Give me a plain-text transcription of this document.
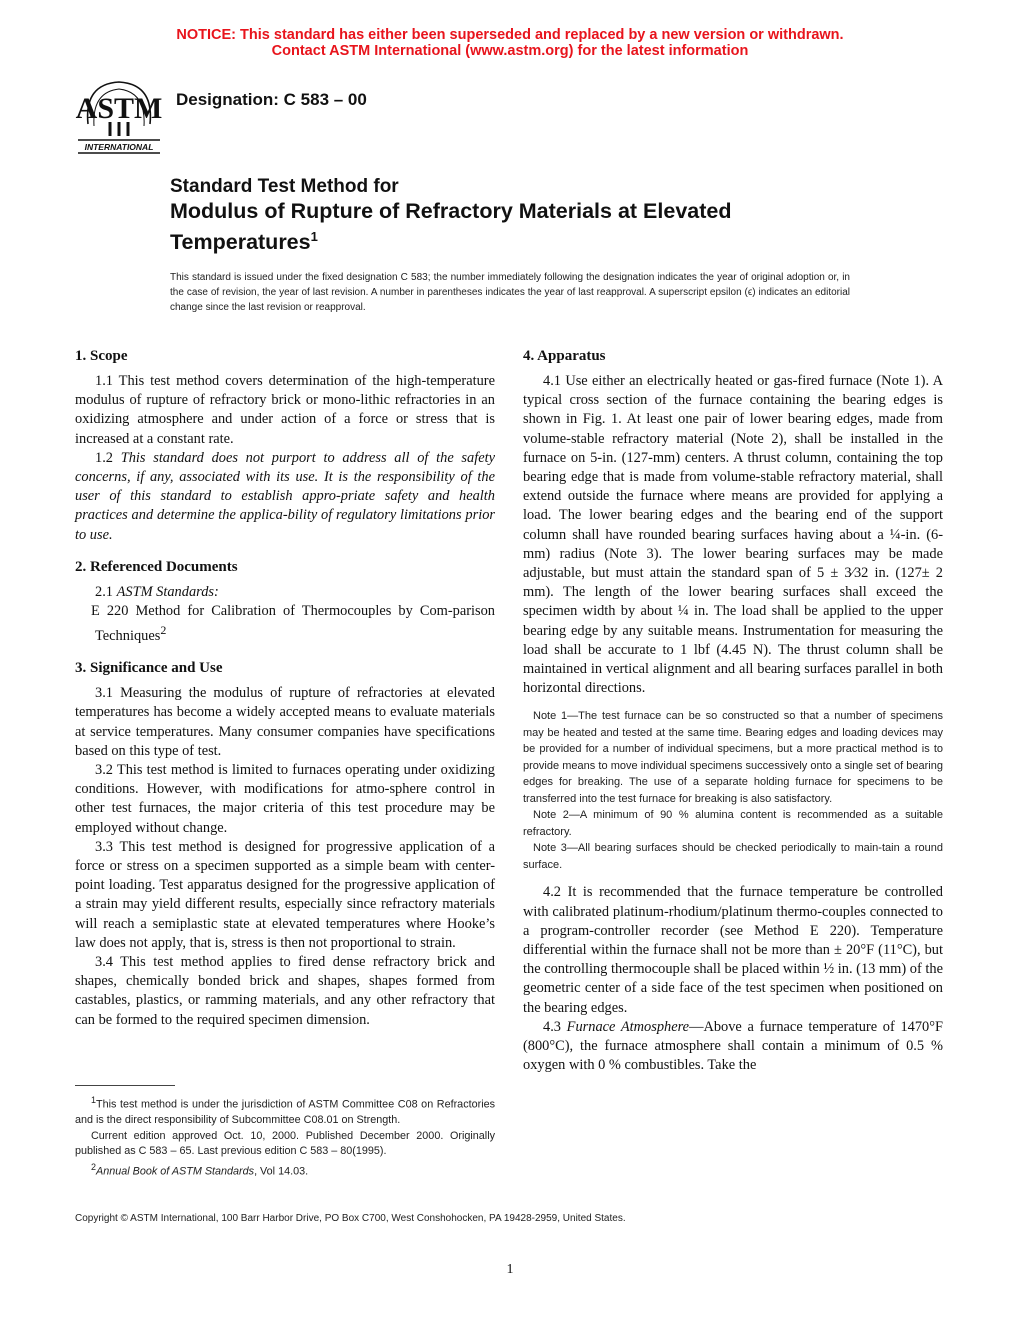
NOTICE: This standard has either been superseded and replaced by a new version or withdrawn.
Contact ASTM International (www.astm.org) for the latest information
ASTM
INTERNATIONAL
Designation: C 583 – 00
Standard Test Method for
Modulus of Rupture of Refractory Materials at Elevated
Temperatures$^1$
This standard is issued under the fixed designation C 583; the number immediately following the designation indicates the year of original adoption or, in the case of revision, the year of last revision. A number in parentheses indicates the year of last reapproval. A superscript epsilon (ϵ) indicates an editorial change since the last revision or reapproval.
1. Scope

1.1 This test method covers determination of the high-temperature modulus of rupture of refractory brick or mono-lithic refractories in an oxidizing atmosphere and under action of a force or stress that is increased at a constant rate.

1.2 This standard does not purport to address all of the safety concerns, if any, associated with its use. It is the responsibility of the user of this standard to establish appro-priate safety and health practices and determine the applica-bility of regulatory limitations prior to use.

2. Referenced Documents

2.1 ASTM Standards:

E 220 Method for Calibration of Thermocouples by Com-parison Techniques$^2$

3. Significance and Use

3.1 Measuring the modulus of rupture of refractories at elevated temperatures has become a widely accepted means to evaluate materials at service temperatures. Many consumer companies have specifications based on this type of test.

3.2 This test method is limited to furnaces operating under oxidizing conditions. However, with modifications for atmo-sphere control in other test furnaces, the major criteria of this test procedure may be employed without change.

3.3 This test method is designed for progressive application of a force or stress on a specimen supported as a simple beam with center-point loading. Test apparatus designed for the progressive application of a strain may yield different results, especially since refractory materials will reach a semiplastic state at elevated temperatures where Hooke’s law does not apply, that is, stress is then not proportional to strain.

3.4 This test method applies to fired dense refractory brick and shapes, chemically bonded brick and shapes, shapes formed from castables, plastics, or ramming materials, and any other refractory that can be formed to the required specimen dimension.

4. Apparatus

4.1 Use either an electrically heated or gas-fired furnace (Note 1). A typical cross section of the furnace containing the bearing edges is shown in Fig. 1. At least one pair of lower bearing edges, made from volume-stable refractory material (Note 2), shall be installed in the furnace on 5-in. (127-mm) centers. A thrust column, containing the top bearing edge that is made from volume-stable refractory material, shall extend outside the furnace where means are provided for applying a load. The lower bearing edges and the bearing end of the support column shall have rounded bearing surfaces having about a ¼-in. (6-mm) radius (Note 3). The lower bearing surfaces may be made adjustable, but must attain the standard span of 5 ± 3⁄32 in. (127± 2 mm). The length of the lower bearing surfaces shall exceed the specimen width by about ¼ in. The load shall be applied to the upper bearing edge by any suitable means. Instrumentation for measuring the load shall be accurate to 1 lbf (4.45 N). The thrust column shall be maintained in vertical alignment and all bearing surfaces parallel in both horizontal directions.

Note 1—The test furnace can be so constructed so that a number of specimens may be heated and tested at the same time. Bearing edges and loading devices may be provided for a number of individual specimens, but a more practical method is to provide means to move individual specimens successively onto a single set of bearing edges for breaking. The use of a separate holding furnace for specimens to be transferred into the test furnace for breaking is also satisfactory.

Note 2—A minimum of 90 % alumina content is recommended as a suitable refractory.

Note 3—All bearing surfaces should be checked periodically to main-tain a round surface.

4.2 It is recommended that the furnace temperature be controlled with calibrated platinum-rhodium/platinum thermo-couples connected to a program-controller recorder (see Method E 220). Temperature differential within the furnace shall not be more than ± 20°F (11°C), but the controlling thermocouple shall be placed within ½ in. (13 mm) of the geometric center of a side face of the test specimen when positioned on the bearing edges.

4.3 Furnace Atmosphere—Above a furnace temperature of 1470°F (800°C), the furnace atmosphere shall contain a minimum of 0.5 % oxygen with 0 % combustibles. Take the

$^1$This test method is under the jurisdiction of ASTM Committee C08 on Refractories and is the direct responsibility of Subcommittee C08.01 on Strength.

Current edition approved Oct. 10, 2000. Published December 2000. Originally published as C 583 – 65. Last previous edition C 583 – 80(1995).

$^2$Annual Book of ASTM Standards, Vol 14.03.

Copyright © ASTM International, 100 Barr Harbor Drive, PO Box C700, West Conshohocken, PA 19428-2959, United States.
1
